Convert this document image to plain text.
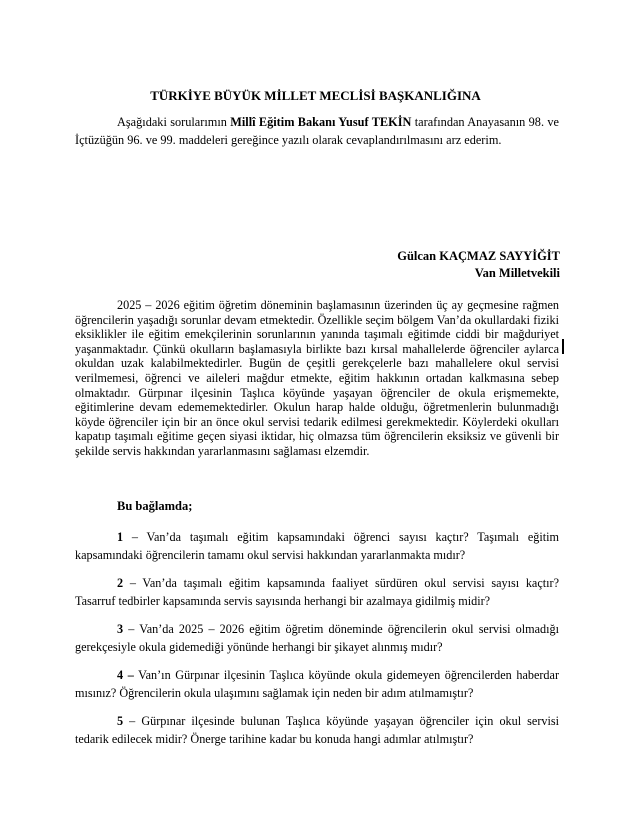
TÜRKİYE BÜYÜK MİLLET MECLİSİ BAŞKANLIĞINA
Aşağıdaki sorularımın Millî Eğitim Bakanı Yusuf TEKİN tarafından Anayasanın 98. ve İçtüzüğün 96. ve 99. maddeleri gereğince yazılı olarak cevaplandırılmasını arz ederim.
Gülcan KAÇMAZ SAYYİĞİT
Van Milletvekili
2025 – 2026 eğitim öğretim döneminin başlamasının üzerinden üç ay geçmesine rağmen öğrencilerin yaşadığı sorunlar devam etmektedir. Özellikle seçim bölgem Van’da okullardaki fiziki eksiklikler ile eğitim emekçilerinin sorunlarının yanında taşımalı eğitimde ciddi bir mağduriyet yaşanmaktadır. Çünkü okulların başlamasıyla birlikte bazı kırsal mahallelerde öğrenciler aylarca okuldan uzak kalabilmektedirler. Bugün de çeşitli gerekçelerle bazı mahallelere okul servisi verilmemesi, öğrenci ve aileleri mağdur etmekte, eğitim hakkının ortadan kalkmasına sebep olmaktadır. Gürpınar ilçesinin Taşlıca köyünde yaşayan öğrenciler de okula erişmemekte, eğitimlerine devam edememektedirler. Okulun harap halde olduğu, öğretmenlerin bulunmadığı köyde öğrenciler için bir an önce okul servisi tedarik edilmesi gerekmektedir. Köylerdeki okulları kapatıp taşımalı eğitime geçen siyasi iktidar, hiç olmazsa tüm öğrencilerin eksiksiz ve güvenli bir şekilde servis hakkından yararlanmasını sağlaması elzemdir.
Bu bağlamda;
1 – Van’da taşımalı eğitim kapsamındaki öğrenci sayısı kaçtır? Taşımalı eğitim kapsamındaki öğrencilerin tamamı okul servisi hakkından yararlanmakta mıdır?
2 – Van’da taşımalı eğitim kapsamında faaliyet sürdüren okul servisi sayısı kaçtır? Tasarruf tedbirler kapsamında servis sayısında herhangi bir azalmaya gidilmiş midir?
3 – Van’da 2025 – 2026 eğitim öğretim döneminde öğrencilerin okul servisi olmadığı gerekçesiyle okula gidemediği yönünde herhangi bir şikayet alınmış mıdır?
4 – Van’ın Gürpınar ilçesinin Taşlıca köyünde okula gidemeyen öğrencilerden haberdar mısınız? Öğrencilerin okula ulaşımını sağlamak için neden bir adım atılmamıştır?
5 – Gürpınar ilçesinde bulunan Taşlıca köyünde yaşayan öğrenciler için okul servisi tedarik edilecek midir? Önerge tarihine kadar bu konuda hangi adımlar atılmıştır?
